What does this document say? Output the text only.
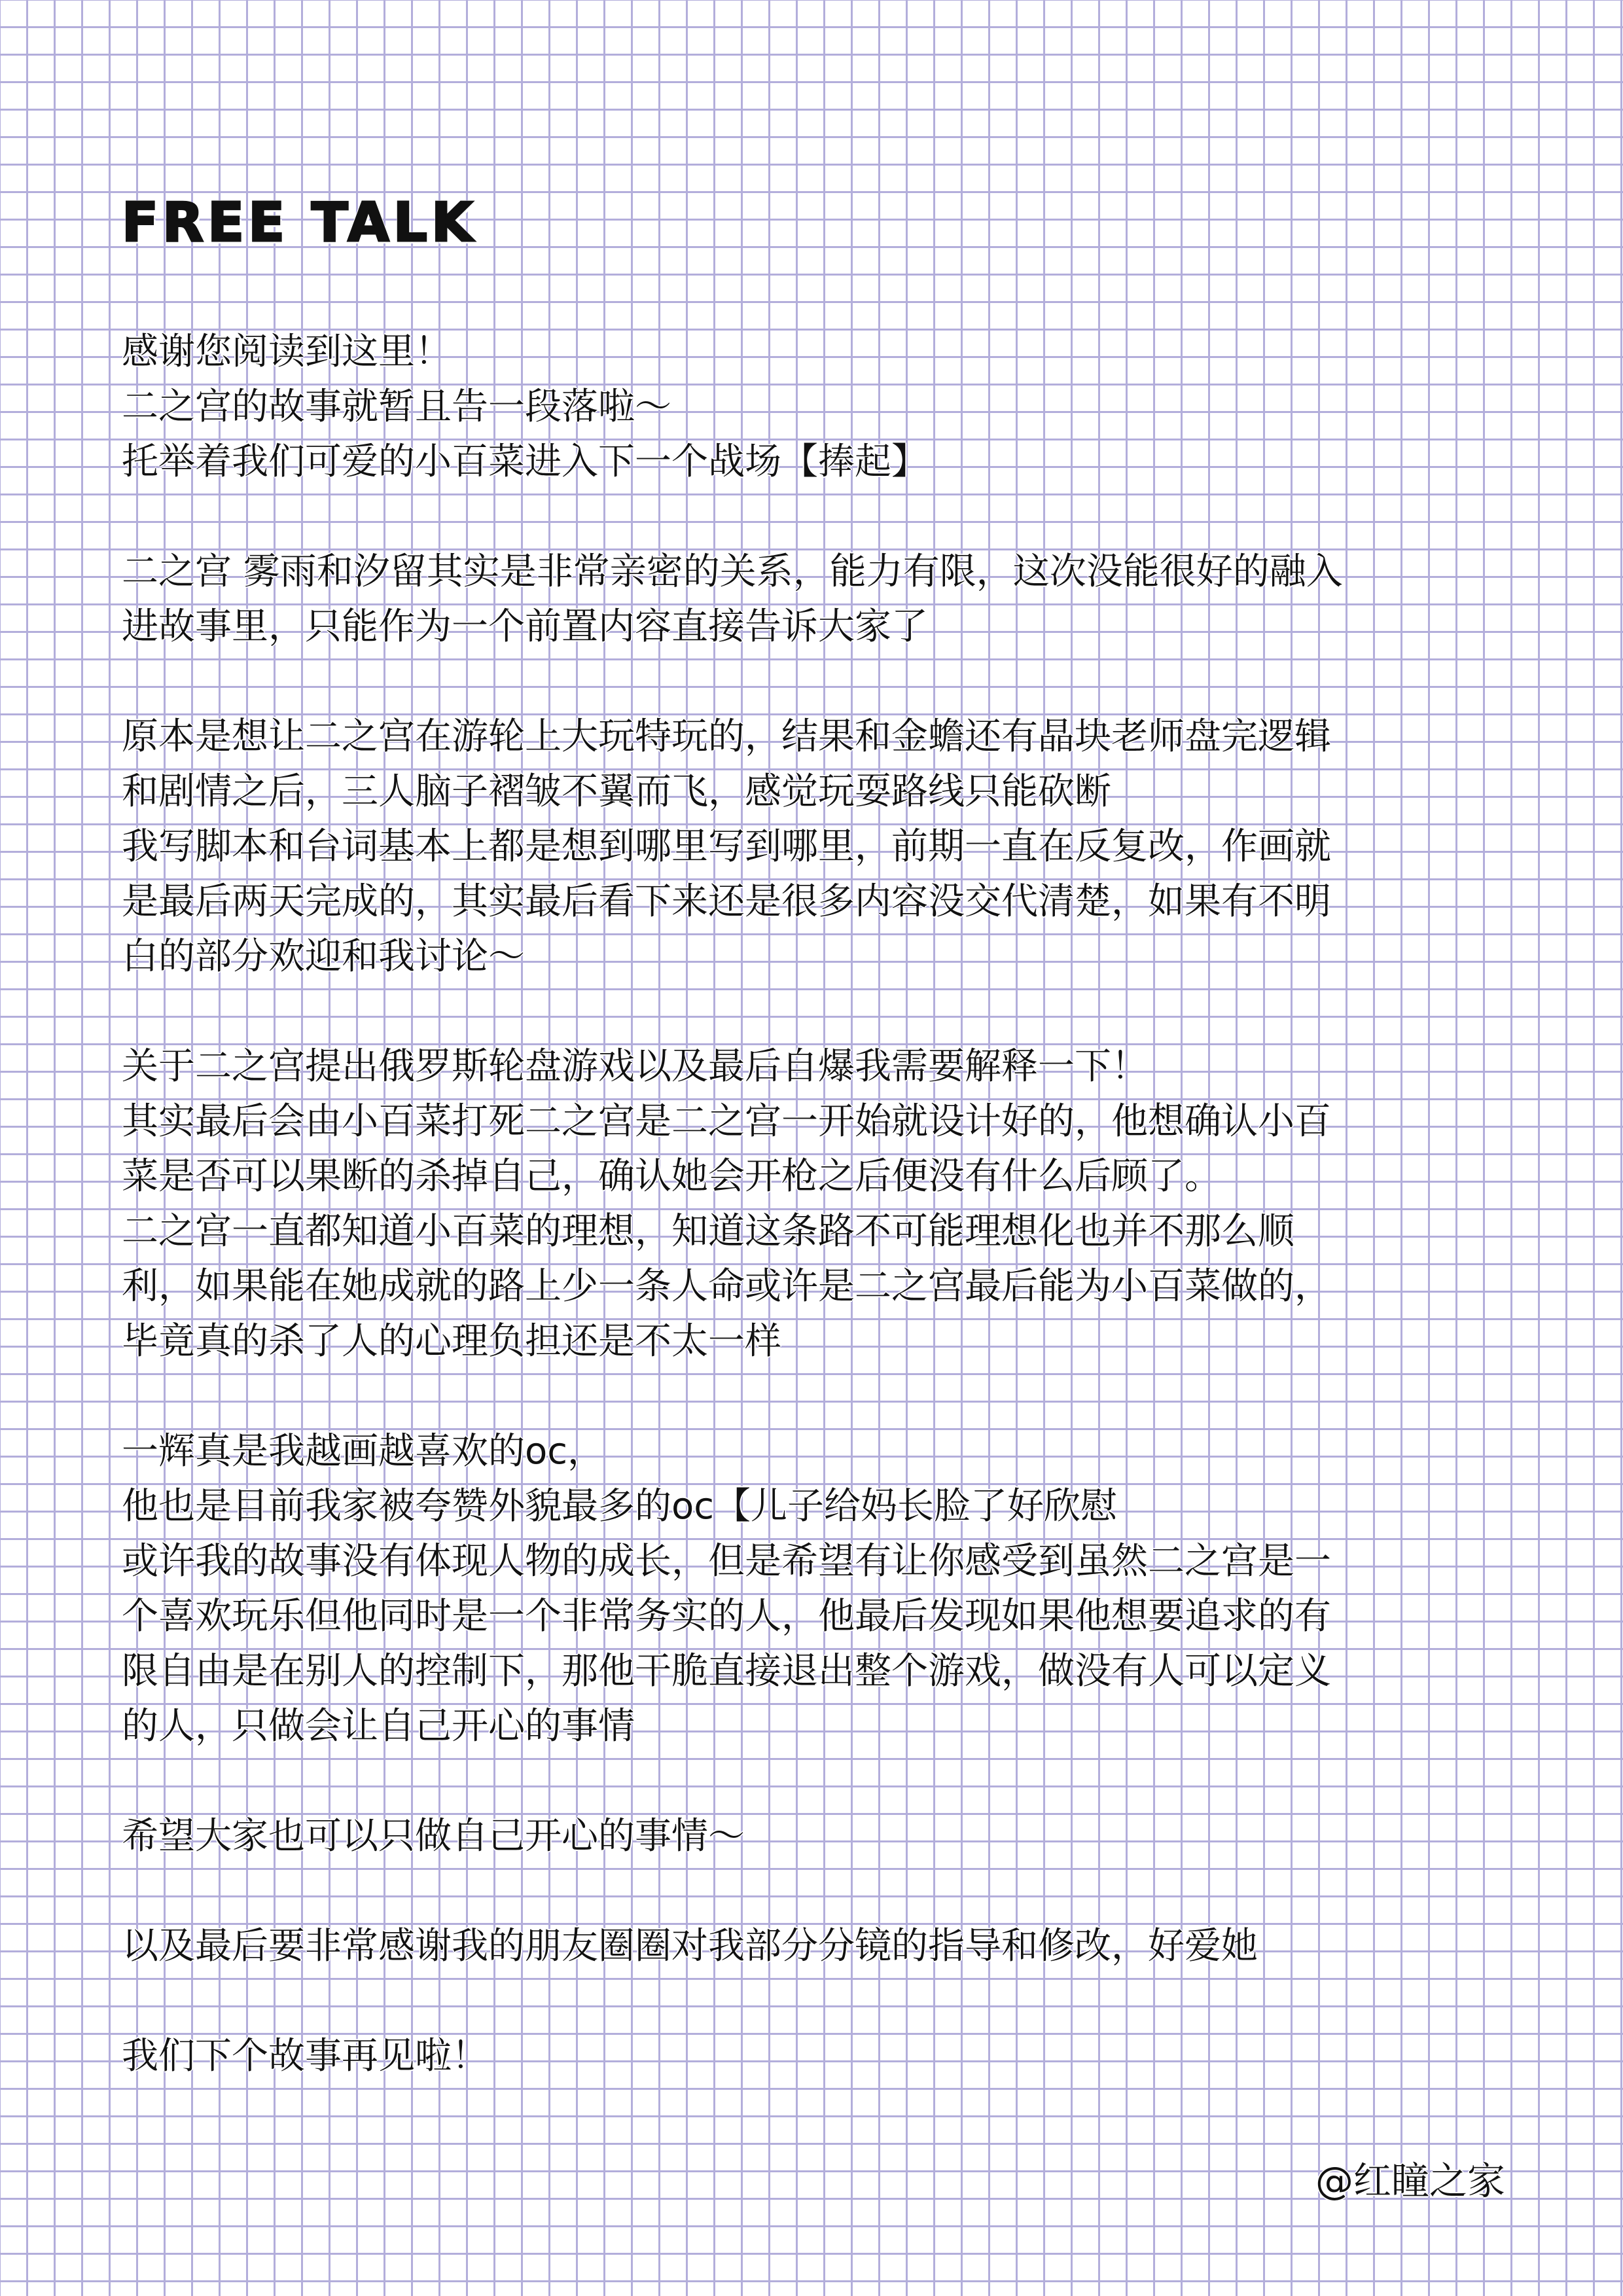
FREE TALK
感谢您阅读到这里！
二之宫的故事就暂且告一段落啦～
托举着我们可爱的小百菜进入下一个战场【捧起】
二之宫 雾雨和汐留其实是非常亲密的关系，能力有限，这次没能很好的融入
进故事里，只能作为一个前置内容直接告诉大家了
原本是想让二之宫在游轮上大玩特玩的，结果和金蟾还有晶块老师盘完逻辑
和剧情之后，三人脑子褶皱不翼而飞，感觉玩耍路线只能砍断
我写脚本和台词基本上都是想到哪里写到哪里，前期一直在反复改，作画就
是最后两天完成的，其实最后看下来还是很多内容没交代清楚，如果有不明
白的部分欢迎和我讨论～
关于二之宫提出俄罗斯轮盘游戏以及最后自爆我需要解释一下！
其实最后会由小百菜打死二之宫是二之宫一开始就设计好的，他想确认小百
菜是否可以果断的杀掉自己，确认她会开枪之后便没有什么后顾了。
二之宫一直都知道小百菜的理想，知道这条路不可能理想化也并不那么顺
利，如果能在她成就的路上少一条人命或许是二之宫最后能为小百菜做的，
毕竟真的杀了人的心理负担还是不太一样
一辉真是我越画越喜欢的oc，
他也是目前我家被夸赞外貌最多的oc【儿子给妈长脸了好欣慰
或许我的故事没有体现人物的成长，但是希望有让你感受到虽然二之宫是一
个喜欢玩乐但他同时是一个非常务实的人，他最后发现如果他想要追求的有
限自由是在别人的控制下，那他干脆直接退出整个游戏，做没有人可以定义
的人，只做会让自己开心的事情
希望大家也可以只做自己开心的事情～
以及最后要非常感谢我的朋友圈圈对我部分分镜的指导和修改，好爱她
我们下个故事再见啦！
@红瞳之家
